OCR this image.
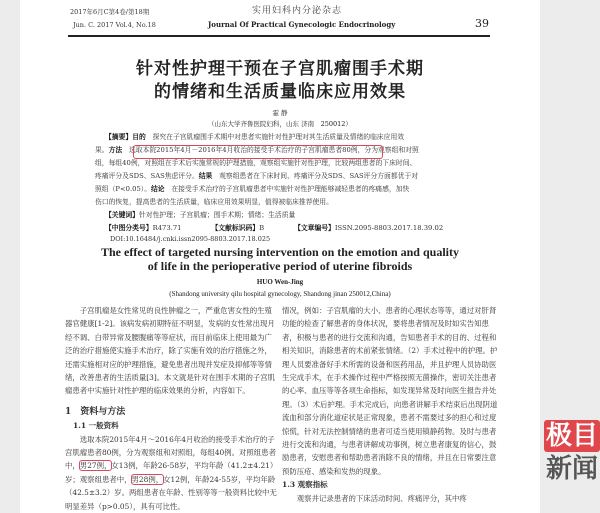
2017年6月C第4卷/第18期
Jun. C. 2017 Vol.4, No.18
实用妇科内分泌杂志
Journal Of Practical Gynecologic Endocrinology	39
针对性护理干预在子宫肌瘤围手术期
的情绪和生活质量临床应用效果
霍 静
（山东大学齐鲁医院妇科，山东 济南　250012）
【摘要】目的　 探究在子宫肌瘤围手术期中对患者实施针对性护理对其生活质量及情绪的临床应用效
果。方法　 选取本院2015年4月－2016年4月收治的接受手术治疗的子宫肌瘤患者80例，分为观察组和对照
组，每组40例，对照组在手术后实施常规的护理措施，观察组实施针对性护理，比较两组患者的下床时间、
疼痛评分及SDS、SAS焦虑评分。结果　 观察组患者在下床时间、疼痛评分及SDS、SAS评分方面都优于对
照组（P<0.05）。结论　 在接受手术治疗的子宫肌瘤患者中实施针对性护理能够减轻患者的疼痛感，加快
伤口的恢复，提高患者的生活质量，临床应用效果明显，值得被临床推荐使用。
【关键词】针对性护理；子宫肌瘤；围手术期；情绪；生活质量
【中图分类号】R473.71	【文献标识码】B	【文章编号】ISSN.2095-8803.2017.18.39.02
DOI:10.16484/j.cnki.issn2095-8803.2017.18.025
The effect of targeted nursing intervention on the emotion and quality
of life in the perioperative period of uterine fibroids
HUO Wen-Jing
(Shandong university qilu hospital gynecology, Shandong jinan 250012,China)

　　子宫肌瘤是女性常见的良性肿瘤之一，严重危害女性的生殖器官健康[1-2]。该病发病初期特征不明显，发病的女性常出现月经不调、白带异常及腰腹痛等等症状，而目前临床上使用最为广泛的治疗措施使实施手术治疗，除了实施有效的治疗措施之外，还需实施相对应的护理措施，避免患者出现并发症及抑郁等等情绪，改善患者的生活质量[3]。本文就是针对在围手术期的子宫肌瘤患者中实施针对性护理的临床效果的分析，内容如下。

1　资料与方法

1.1 一般资料

　　选取本院2015年4月～2016年4月收治的接受手术治疗的子宫肌瘤患者80例，分为观察组和对照组，每组40例。对照组患者中，男27例，女13例，年龄26-58岁，平均年龄（41.2±4.21）岁；观察组患者中，男28例，女12例，年龄24-55岁，平均年龄（42.5±3.2）岁。两组患者在年龄、性别等等一般资料比较中无明显差异（p>0.05），具有可比性。

情况，例如：子宫肌瘤的大小、患者的心理状态等等，通过对肝肾功能的检查了解患者的身体状况，要将患者情况及时如实告知患者，积极与患者的进行交流和沟通，告知患者手术的目的、过程和相关知识，消除患者的术前紧张情绪。（2）手术过程中的护理。护理人员要准备好手术所需的设备和医药用品，并且护理人员协助医生完成手术，在手术操作过程中严格按照无菌操作，密切关注患者的心率、血压等等各项生命指标，如发现异常及时向医生报告并处理。（3）术后护理。手术完成后，向患者讲解手术结束后出现阴道流血和部分消化道症状是正常现象，患者不需要过多的担心和过度惊慌，针对无法控制情绪的患者可适当使用镇静药物。及时与患者进行交流和沟通，与患者讲解成功事例，树立患者康复的信心，鼓励患者，安慰患者和帮助患者消除不良的情绪，并且在日常要注意预防压疮、感染和发热的现象。

1.3 观察指标

　　观察并记录患者的下床活动时间、疼痛评分，其中疼

极目
新闻
